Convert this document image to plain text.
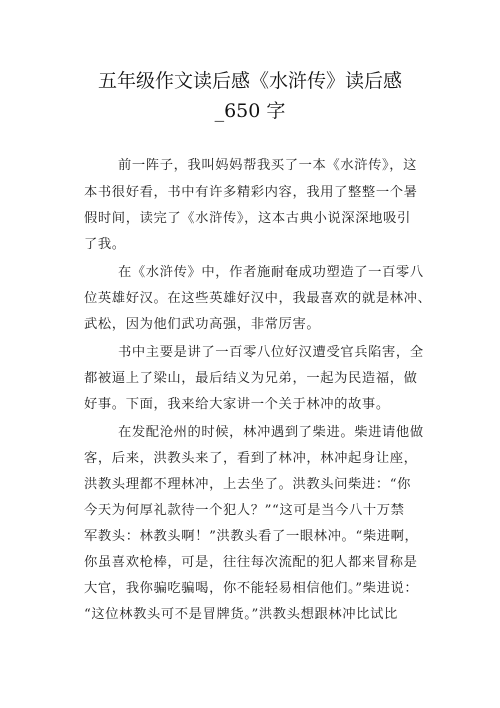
五年级作文读后感《水浒传》读后感
_650 字
前一阵子，我叫妈妈帮我买了一本《水浒传》，这
本书很好看，书中有许多精彩内容，我用了整整一个暑
假时间，读完了《水浒传》，这本古典小说深深地吸引
了我。
在《水浒传》中，作者施耐奄成功塑造了一百零八
位英雄好汉。在这些英雄好汉中，我最喜欢的就是林冲、
武松，因为他们武功高强，非常厉害。
书中主要是讲了一百零八位好汉遭受官兵陷害，全
都被逼上了梁山，最后结义为兄弟，一起为民造福，做
好事。下面，我来给大家讲一个关于林冲的故事。
在发配沧州的时候，林冲遇到了柴进。柴进请他做
客，后来，洪教头来了，看到了林冲，林冲起身让座，
洪教头理都不理林冲，上去坐了。洪教头问柴进：“你
今天为何厚礼款待一个犯人？”“这可是当今八十万禁
军教头：林教头啊！”洪教头看了一眼林冲。“柴进啊，
你虽喜欢枪棒，可是，往往每次流配的犯人都来冒称是
大官，我你骗吃骗喝，你不能轻易相信他们。”柴进说：
“这位林教头可不是冒牌货。”洪教头想跟林冲比试比
